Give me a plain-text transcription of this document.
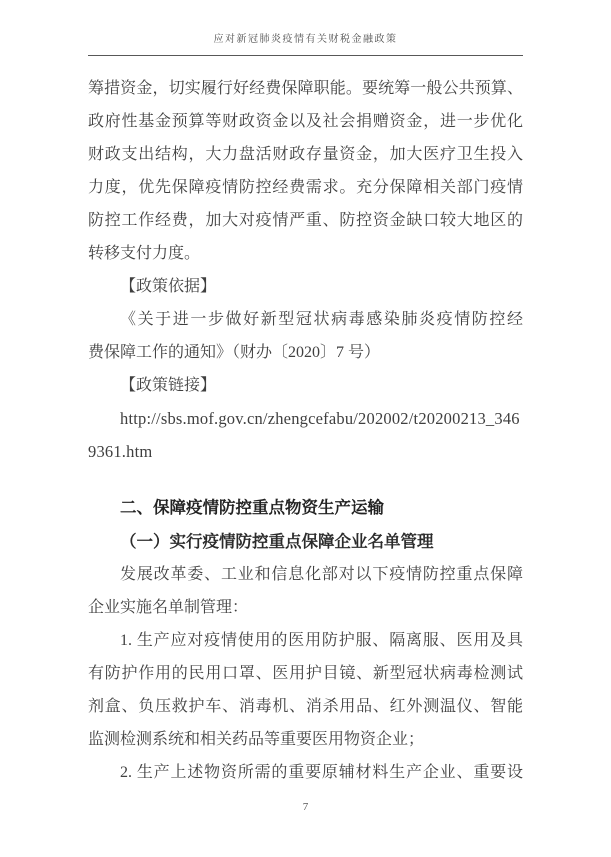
应对新冠肺炎疫情有关财税金融政策
筹措资金，切实履行好经费保障职能。要统筹一般公共预算、
政府性基金预算等财政资金以及社会捐赠资金，进一步优化
财政支出结构，大力盘活财政存量资金，加大医疗卫生投入
力度，优先保障疫情防控经费需求。充分保障相关部门疫情
防控工作经费，加大对疫情严重、防控资金缺口较大地区的
转移支付力度。
【政策依据】
《关于进一步做好新型冠状病毒感染肺炎疫情防控经
费保障工作的通知》（财办〔2020〕7 号）
【政策链接】
http://sbs.mof.gov.cn/zhengcefabu/202002/t20200213_346
9361.htm
二、保障疫情防控重点物资生产运输
（一）实行疫情防控重点保障企业名单管理
发展改革委、工业和信息化部对以下疫情防控重点保障
企业实施名单制管理：
1. 生产应对疫情使用的医用防护服、隔离服、医用及具
有防护作用的民用口罩、医用护目镜、新型冠状病毒检测试
剂盒、负压救护车、消毒机、消杀用品、红外测温仪、智能
监测检测系统和相关药品等重要医用物资企业；
2. 生产上述物资所需的重要原辅材料生产企业、重要设
7
